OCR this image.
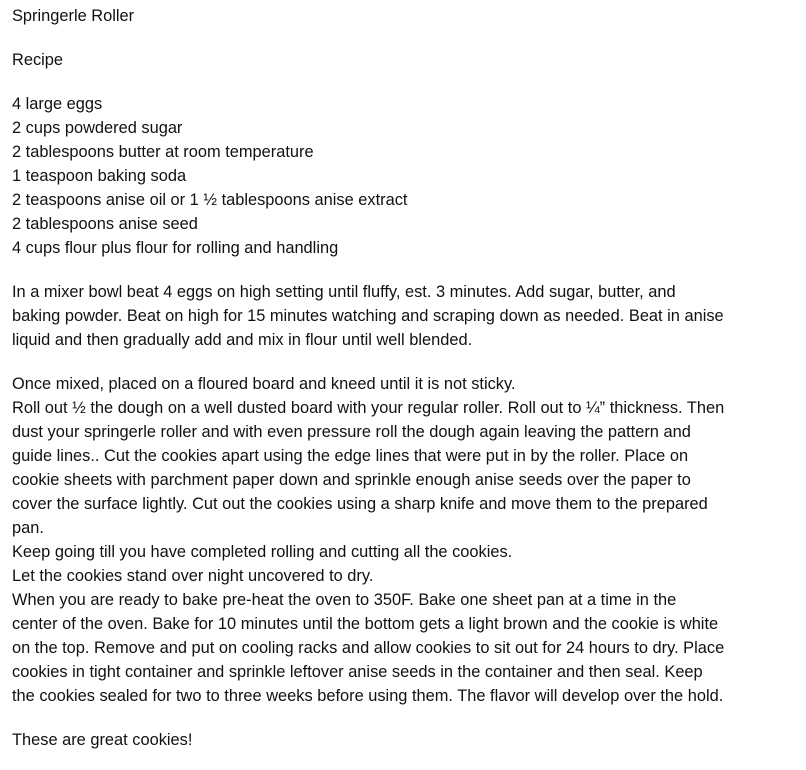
Springerle Roller

Recipe

4 large eggs

2 cups powdered sugar

2 tablespoons butter at room temperature

1 teaspoon baking soda

2 teaspoons anise oil or 1 ½ tablespoons anise extract

2 tablespoons anise seed

4 cups flour plus flour for rolling and handling

In a mixer bowl beat 4 eggs on high setting until fluffy, est. 3 minutes. Add sugar, butter, and

baking powder. Beat on high for 15 minutes watching and scraping down as needed. Beat in anise

liquid and then gradually add and mix in flour until well blended.

Once mixed, placed on a floured board and kneed until it is not sticky.

Roll out ½ the dough on a well dusted board with your regular roller. Roll out to ¼” thickness. Then

dust your springerle roller and with even pressure roll the dough again leaving the pattern and

guide lines.. Cut the cookies apart using the edge lines that were put in by the roller. Place on

cookie sheets with parchment paper down and sprinkle enough anise seeds over the paper to

cover the surface lightly. Cut out the cookies using a sharp knife and move them to the prepared

pan.

Keep going till you have completed rolling and cutting all the cookies.

Let the cookies stand over night uncovered to dry.

When you are ready to bake pre-heat the oven to 350F. Bake one sheet pan at a time in the

center of the oven. Bake for 10 minutes until the bottom gets a light brown and the cookie is white

on the top. Remove and put on cooling racks and allow cookies to sit out for 24 hours to dry. Place

cookies in tight container and sprinkle leftover anise seeds in the container and then seal. Keep

the cookies sealed for two to three weeks before using them. The flavor will develop over the hold.

These are great cookies!
